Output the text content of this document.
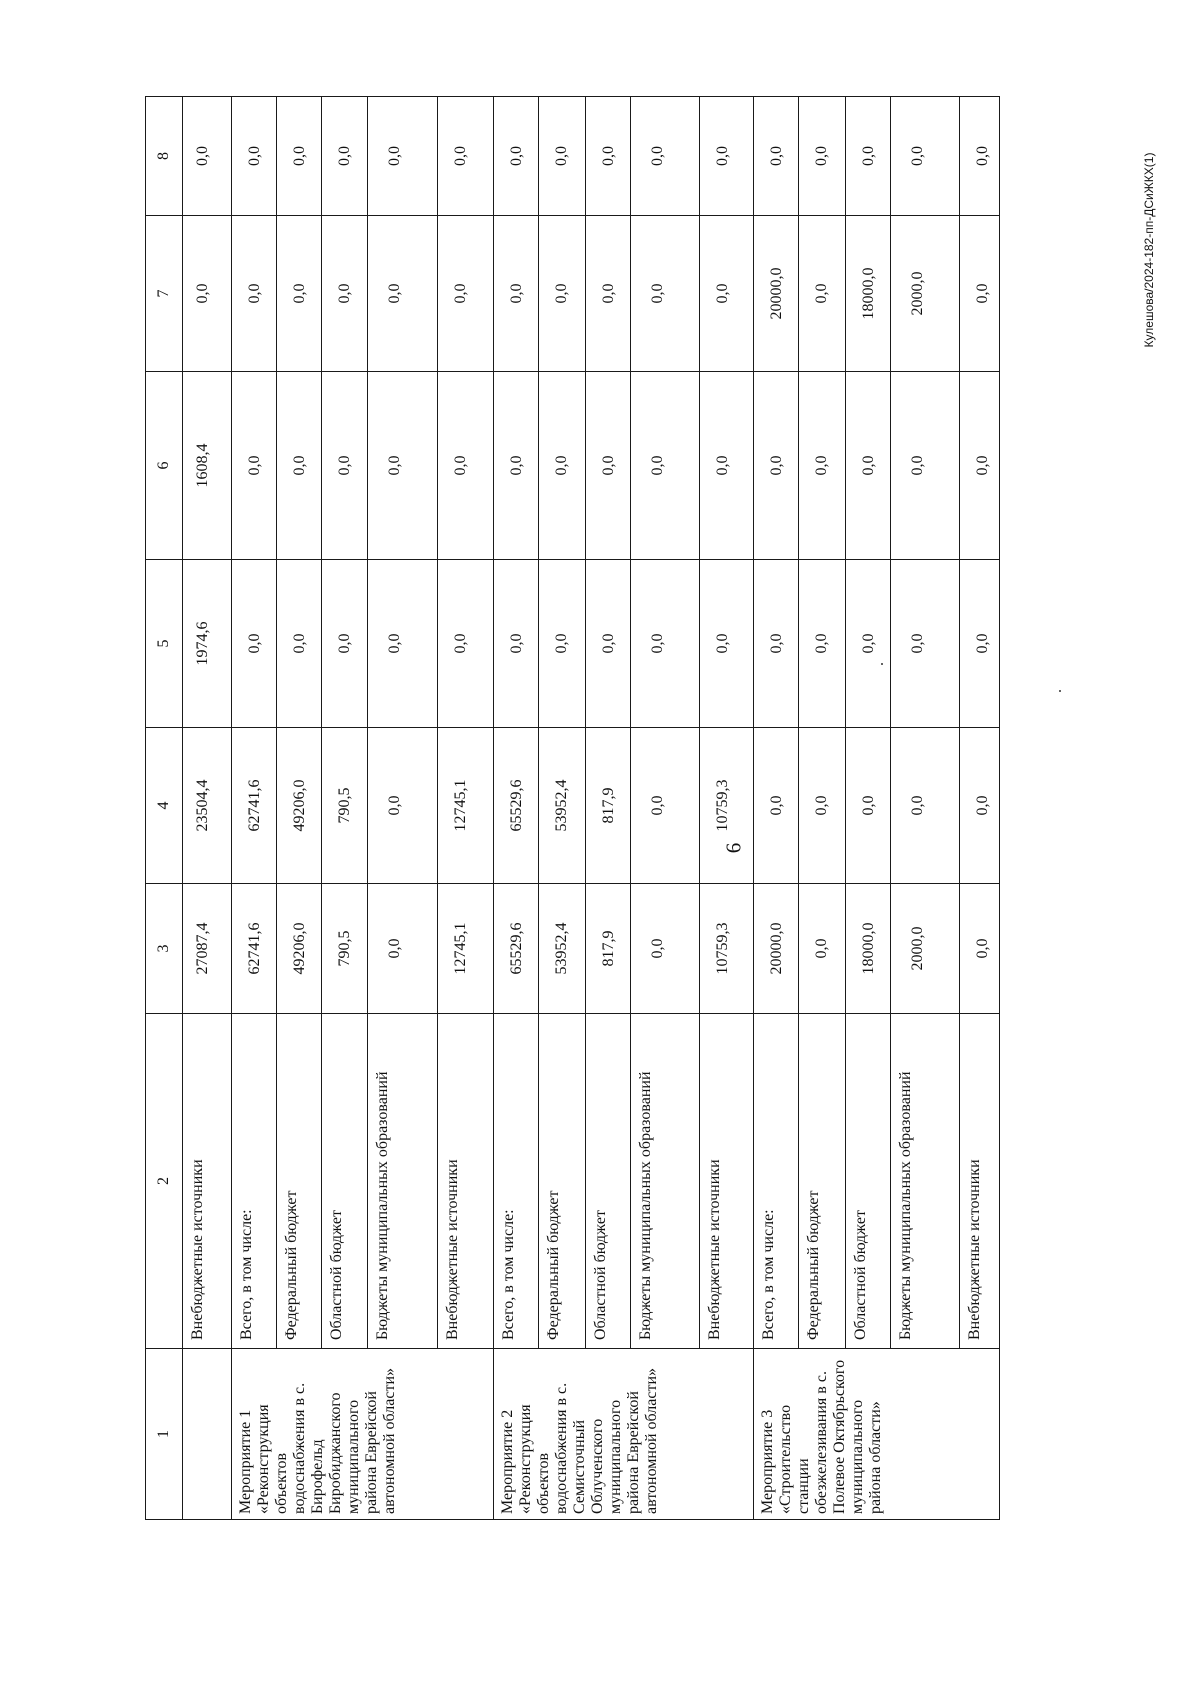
6
Кулешова/2024-182-пп-ДСиЖКХ(1)
1	2	3	4	5	6	7	8
	Внебюджетные источники	27087,4	23504,4	1974,6	1608,4	0,0	0,0
Мероприятие 1 «Реконструкция объектов водоснабжения в с. Бирофельд Биробиджанского муниципального района Еврейской автономной области»	Всего, в том числе:	62741,6	62741,6	0,0	0,0	0,0	0,0
	Федеральный бюджет	49206,0	49206,0	0,0	0,0	0,0	0,0
	Областной бюджет	790,5	790,5	0,0	0,0	0,0	0,0
	Бюджеты муниципальных образований	0,0	0,0	0,0	0,0	0,0	0,0
	Внебюджетные источники	12745,1	12745,1	0,0	0,0	0,0	0,0
Мероприятие 2 «Реконструкция объектов водоснабжения в с. Семисточный Облученского муниципального района Еврейской автономной области»	Всего, в том числе:	65529,6	65529,6	0,0	0,0	0,0	0,0
	Федеральный бюджет	53952,4	53952,4	0,0	0,0	0,0	0,0
	Областной бюджет	817,9	817,9	0,0	0,0	0,0	0,0
	Бюджеты муниципальных образований	0,0	0,0	0,0	0,0	0,0	0,0
	Внебюджетные источники	10759,3	10759,3	0,0	0,0	0,0	0,0
Мероприятие 3 «Строительство станции обезжелезивания в с. Полевое Октябрьского муниципального района области»	Всего, в том числе:	20000,0	0,0	0,0	0,0	20000,0	0,0
	Федеральный бюджет	0,0	0,0	0,0	0,0	0,0	0,0
	Областной бюджет	18000,0	0,0	0,0	0,0	18000,0	0,0
	Бюджеты муниципальных образований	2000,0	0,0	0,0	0,0	2000,0	0,0
	Внебюджетные источники	0,0	0,0	0,0	0,0	0,0	0,0
